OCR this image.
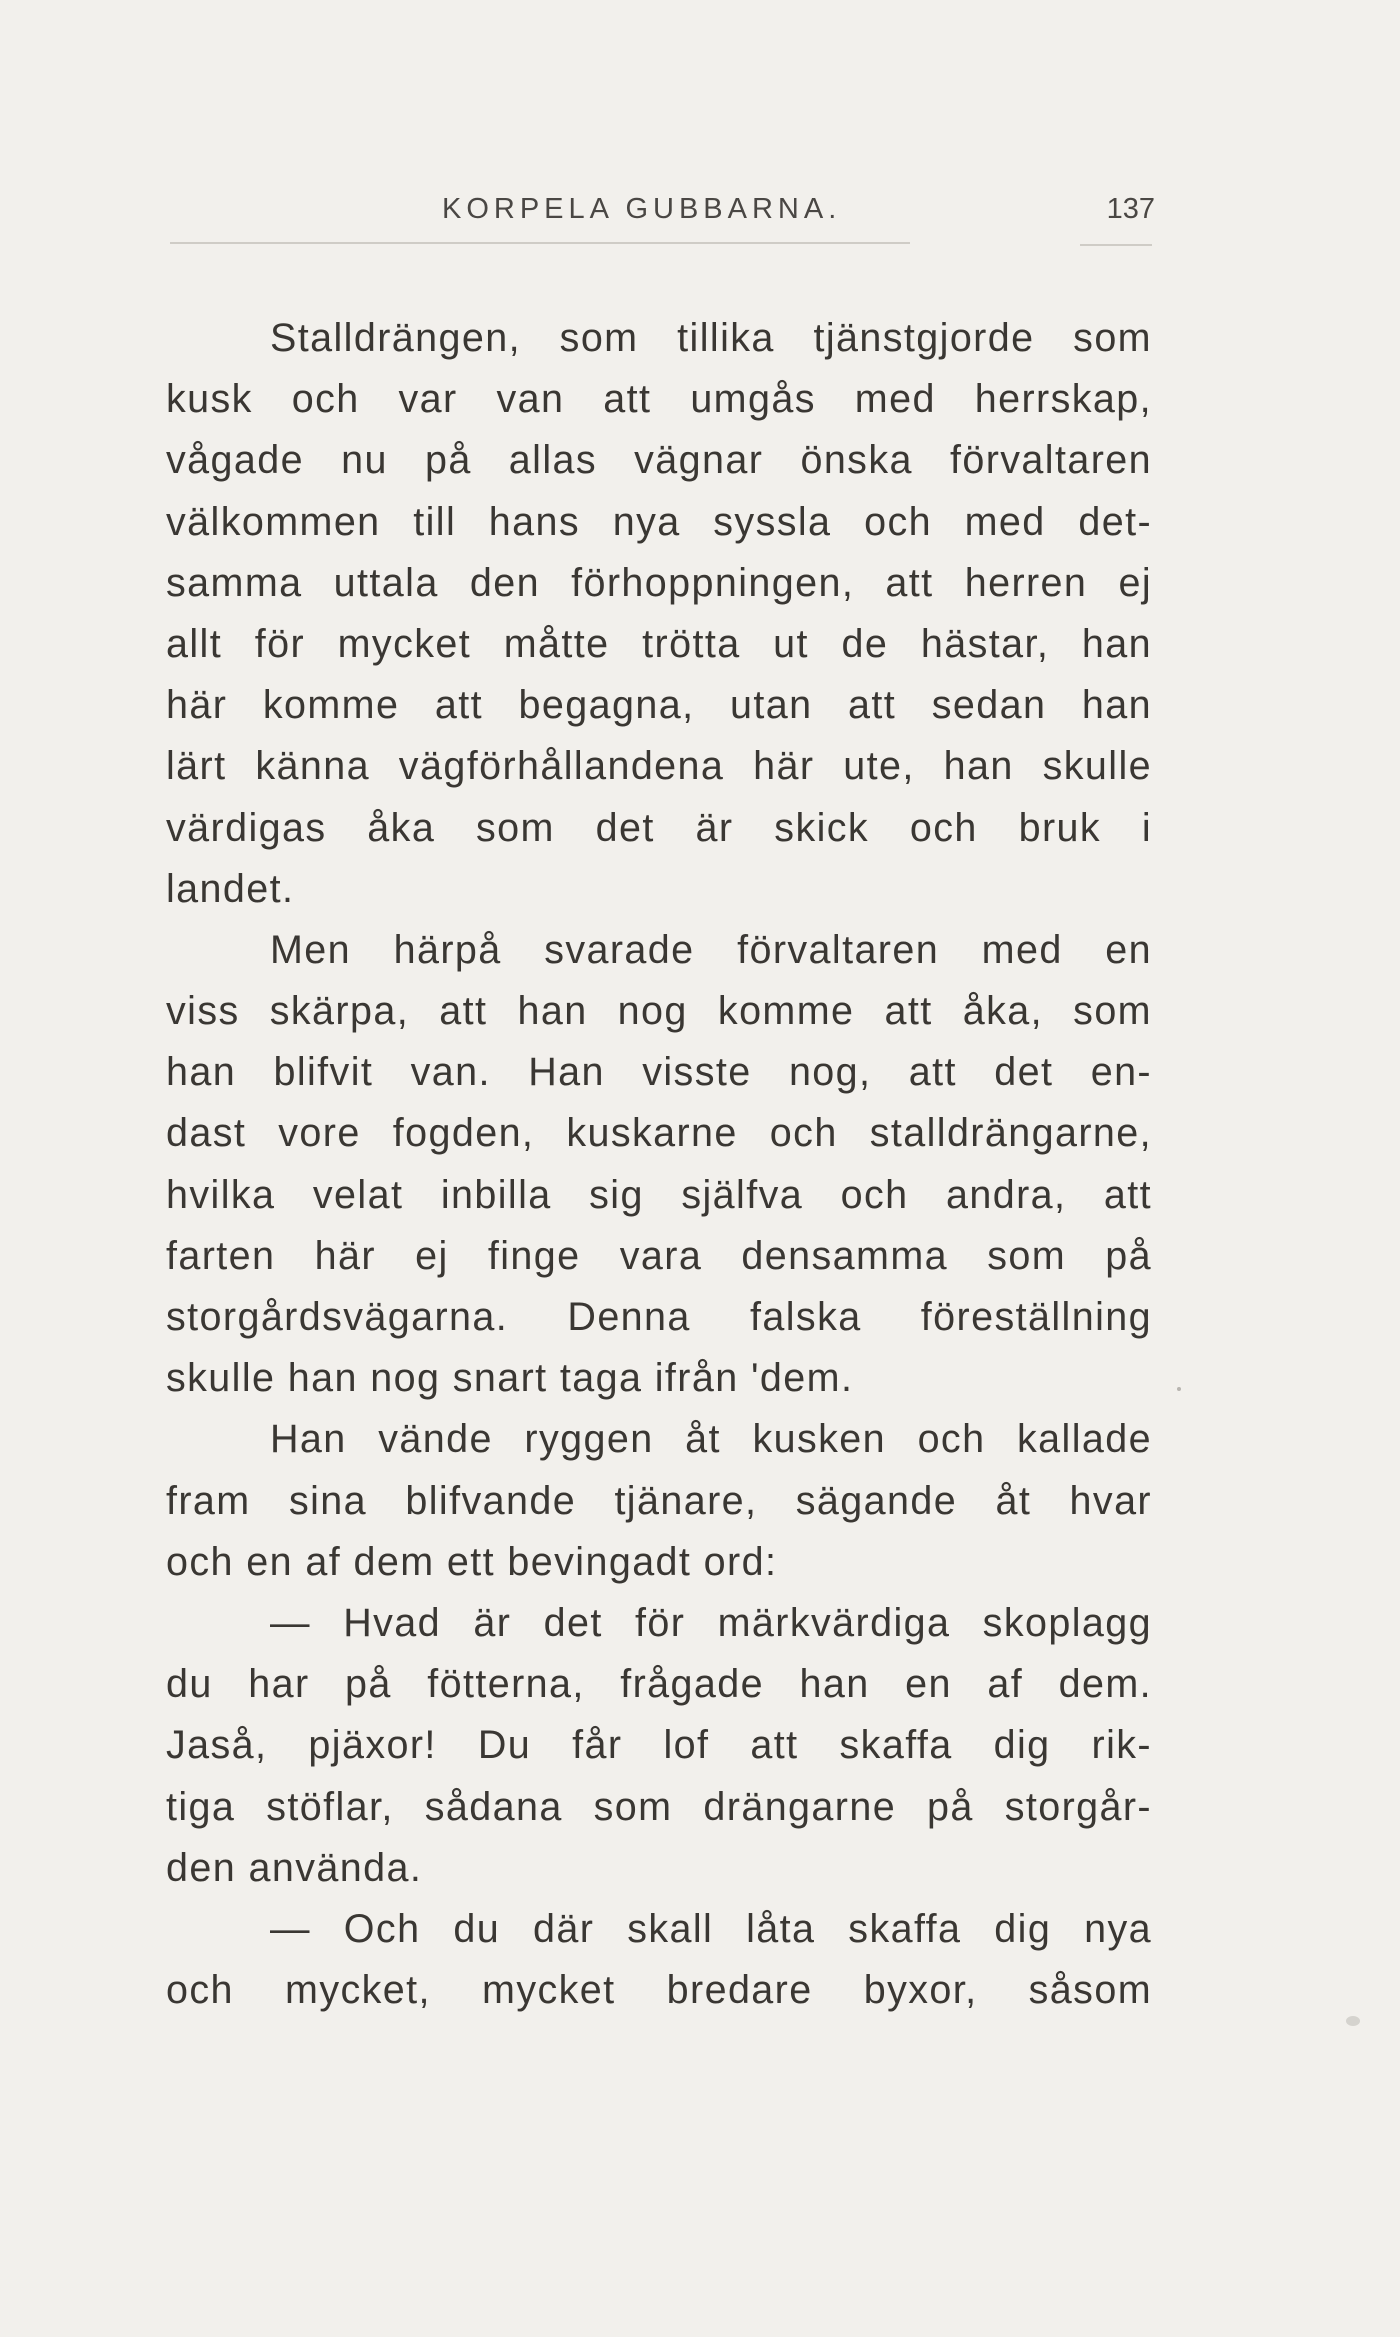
KORPELA GUBBARNA.	137
Stalldrängen, som tillika tjänstgjorde som
kusk och var van att umgås med herrskap,
vågade nu på allas vägnar önska förvaltaren
välkommen till hans nya syssla och med det-
samma uttala den förhoppningen, att herren ej
allt för mycket måtte trötta ut de hästar, han
här komme att begagna, utan att sedan han
lärt känna vägförhållandena här ute, han skulle
värdigas åka som det är skick och bruk i
landet.
Men härpå svarade förvaltaren med en
viss skärpa, att han nog komme att åka, som
han blifvit van. Han visste nog, att det en-
dast vore fogden, kuskarne och stalldrängarne,
hvilka velat inbilla sig själfva och andra, att
farten här ej finge vara densamma som på
storgårdsvägarna. Denna falska föreställning
skulle han nog snart taga ifrån 'dem.
Han vände ryggen åt kusken och kallade
fram sina blifvande tjänare, sägande åt hvar
och en af dem ett bevingadt ord:
— Hvad är det för märkvärdiga skoplagg
du har på fötterna, frågade han en af dem.
Jaså, pjäxor! Du får lof att skaffa dig rik-
tiga stöflar, sådana som drängarne på storgår-
den använda.
— Och du där skall låta skaffa dig nya
och mycket, mycket bredare byxor, såsom
